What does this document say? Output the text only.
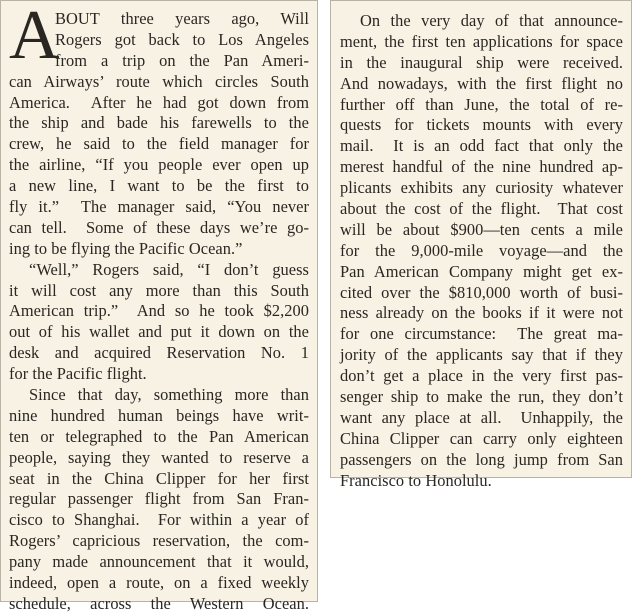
A
BOUT three years ago, Will
Rogers got back to Los Angeles
from a trip on the Pan Ameri-
can Airways’ route which circles South
America.  After he had got down from
the ship and bade his farewells to the
crew, he said to the field manager for
the airline, “If you people ever open up
a new line, I want to be the first to
fly it.”  The manager said, “You never
can tell.  Some of these days we’re go-
ing to be flying the Pacific Ocean.”
“Well,” Rogers said, “I don’t guess
it will cost any more than this South
American trip.”  And so he took $2,200
out of his wallet and put it down on the
desk and acquired Reservation No. 1
for the Pacific flight.
Since that day, something more than
nine hundred human beings have writ-
ten or telegraphed to the Pan American
people, saying they wanted to reserve a
seat in the China Clipper for her first
regular passenger flight from San Fran-
cisco to Shanghai.  For within a year of
Rogers’ capricious reservation, the com-
pany made announcement that it would,
indeed, open a route, on a fixed weekly
schedule, across the Western Ocean.
On the very day of that announce-
ment, the first ten applications for space
in the inaugural ship were received.
And nowadays, with the first flight no
further off than June, the total of re-
quests for tickets mounts with every
mail.  It is an odd fact that only the
merest handful of the nine hundred ap-
plicants exhibits any curiosity whatever
about the cost of the flight.  That cost
will be about $900—ten cents a mile
for the 9,000-mile voyage—and the
Pan American Company might get ex-
cited over the $810,000 worth of busi-
ness already on the books if it were not
for one circumstance:  The great ma-
jority of the applicants say that if they
don’t get a place in the very first pas-
senger ship to make the run, they don’t
want any place at all.  Unhappily, the
China Clipper can carry only eighteen
passengers on the long jump from San
Francisco to Honolulu.
